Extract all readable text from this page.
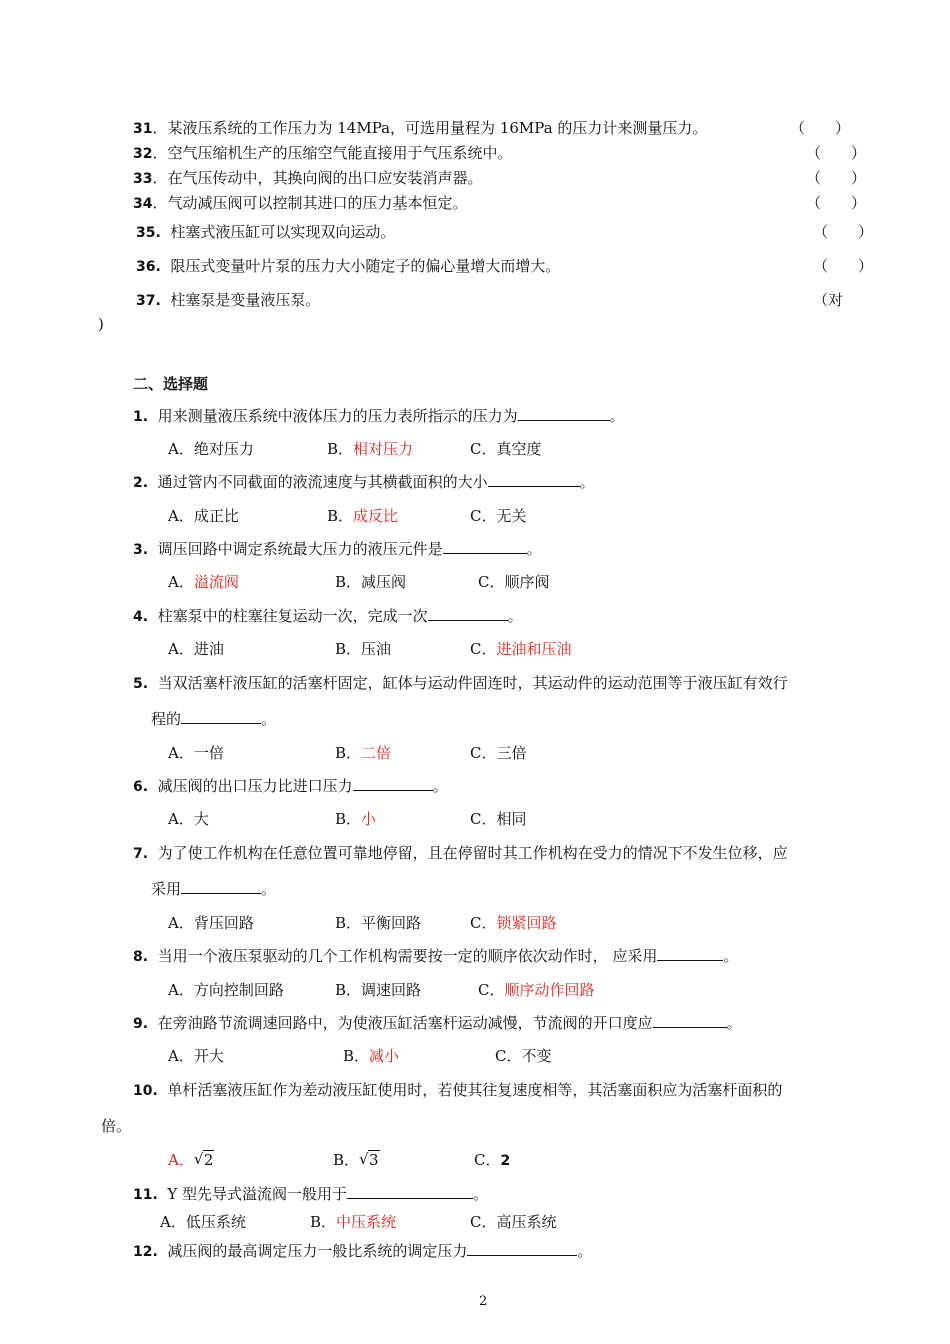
31．某液压系统的工作压力为 14MPa，可选用量程为 16MPa 的压力计来测量压力。	（　　）
32．空气压缩机生产的压缩空气能直接用于气压系统中。	（　　）
33．在气压传动中，其换向阀的出口应安装消声器。	（　　）
34．气动减压阀可以控制其进口的压力基本恒定。	（　　）
35. 柱塞式液压缸可以实现双向运动。	（　　）
36. 限压式变量叶片泵的压力大小随定子的偏心量增大而增大。	（　　）
37. 柱塞泵是变量液压泵。	（对
)
二、选择题
1. 用来测量液压系统中液体压力的压力表所指示的压力为	。
A．绝对压力	B．相对压力	C．真空度
2. 通过管内不同截面的液流速度与其横截面积的大小	。
A．成正比	B．成反比	C．无关
3. 调压回路中调定系统最大压力的液压元件是	。
A．溢流阀	B．减压阀	C．顺序阀
4. 柱塞泵中的柱塞往复运动一次，完成一次	。
A．进油	B．压油	C．进油和压油
5. 当双活塞杆液压缸的活塞杆固定，缸体与运动件固连时，其运动件的运动范围等于液压缸有效行
程的	。
A．一倍	B．二倍	C．三倍
6. 减压阀的出口压力比进口压力	。
A．大	B．小	C．相同
7. 为了使工作机构在任意位置可靠地停留，且在停留时其工作机构在受力的情况下不发生位移，应
采用	。
A．背压回路	B．平衡回路	C．锁紧回路
8. 当用一个液压泵驱动的几个工作机构需要按一定的顺序依次动作时， 应采用	。
A．方向控制回路	B．调速回路	C．顺序动作回路
9. 在旁油路节流调速回路中，为使液压缸活塞杆运动减慢，节流阀的开口度应	。
A．开大	B．减小	C．不变
10. 单杆活塞液压缸作为差动液压缸使用时，若使其往复速度相等，其活塞面积应为活塞杆面积的
倍。
A． √ 2	B． √ 3	C．2
11. Y 型先导式溢流阀一般用于	。
A．低压系统	B．中压系统	C．高压系统
12. 减压阀的最高调定压力一般比系统的调定压力	。
2
